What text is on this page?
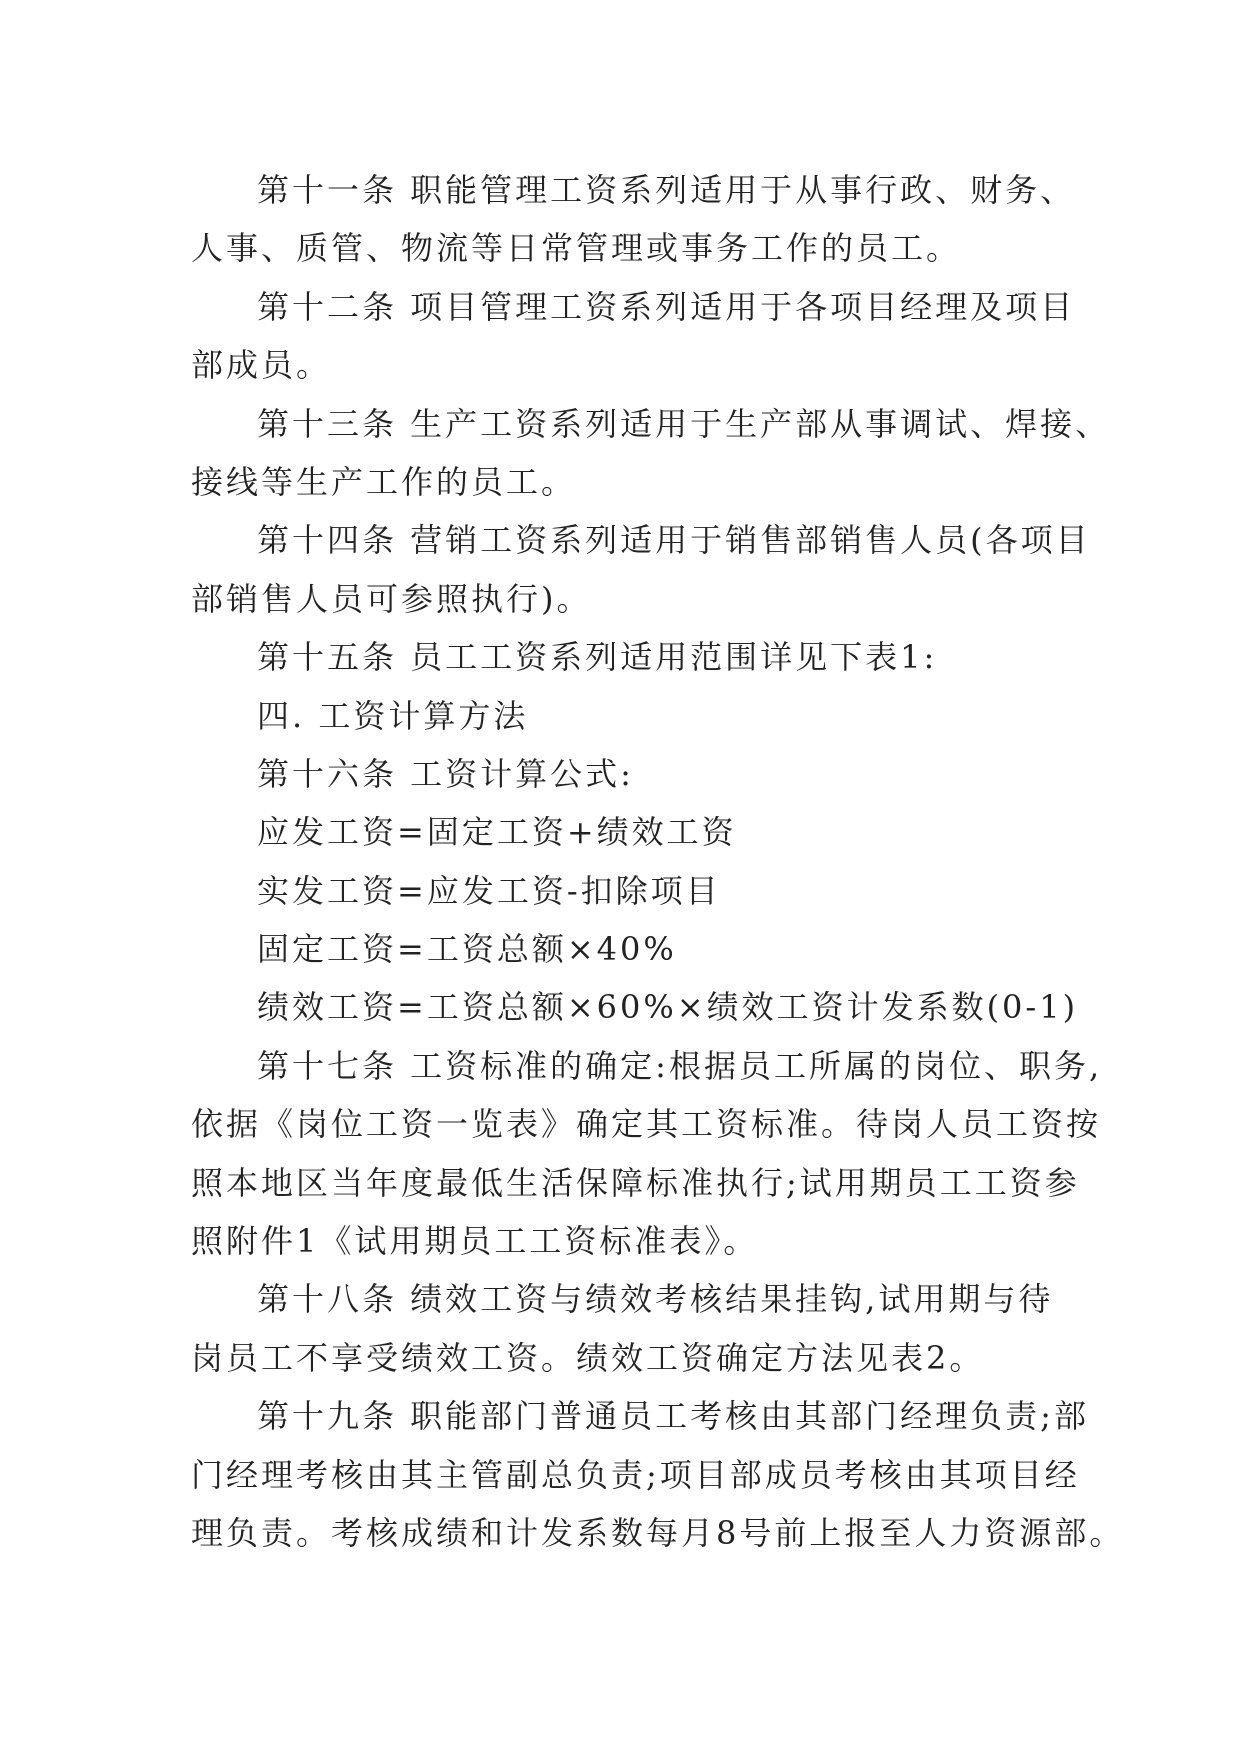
第十一条 职能管理工资系列适用于从事行政、财务、
人事、质管、物流等日常管理或事务工作的员工。
第十二条 项目管理工资系列适用于各项目经理及项目
部成员。
第十三条 生产工资系列适用于生产部从事调试、焊接、
接线等生产工作的员工。
第十四条 营销工资系列适用于销售部销售人员(各项目
部销售人员可参照执行)。
第十五条 员工工资系列适用范围详见下表1:
四. 工资计算方法
第十六条 工资计算公式:
应发工资=固定工资+绩效工资
实发工资=应发工资-扣除项目
固定工资=工资总额×40%
绩效工资=工资总额×60%×绩效工资计发系数(0-1)
第十七条 工资标准的确定:根据员工所属的岗位、职务,
依据《岗位工资一览表》确定其工资标准。待岗人员工资按
照本地区当年度最低生活保障标准执行;试用期员工工资参
照附件1《试用期员工工资标准表》。
第十八条 绩效工资与绩效考核结果挂钩,试用期与待
岗员工不享受绩效工资。绩效工资确定方法见表2。
第十九条 职能部门普通员工考核由其部门经理负责;部
门经理考核由其主管副总负责;项目部成员考核由其项目经
理负责。考核成绩和计发系数每月8号前上报至人力资源部。
